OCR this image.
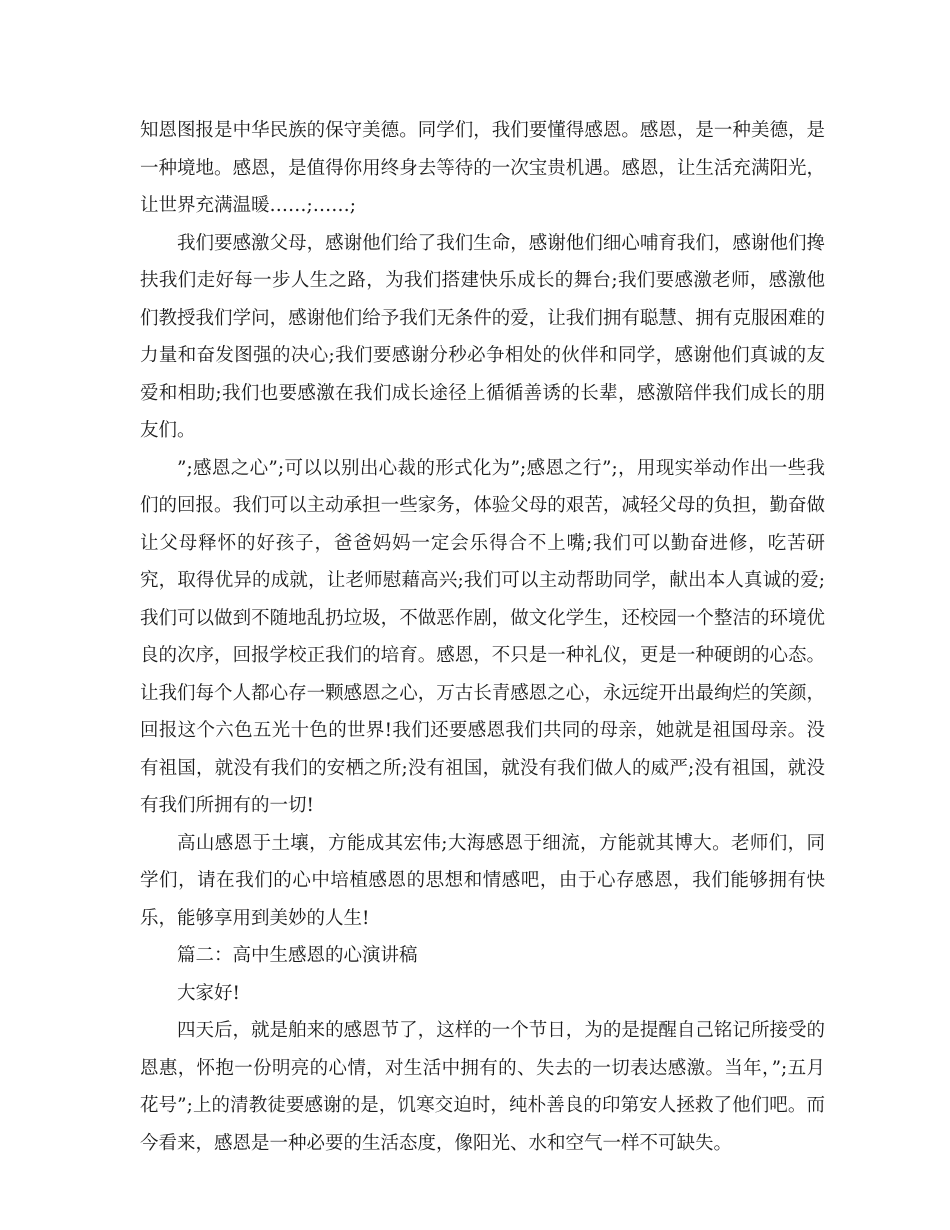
知恩图报是中华民族的保守美德。同学们，我们要懂得感恩。感恩，是一种美德，是一种境地。感恩，是值得你用终身去等待的一次宝贵机遇。感恩，让生活充满阳光，让世界充满温暖……;……;

我们要感激父母，感谢他们给了我们生命，感谢他们细心哺育我们，感谢他们搀扶我们走好每一步人生之路，为我们搭建快乐成长的舞台;我们要感激老师，感激他们教授我们学问，感谢他们给予我们无条件的爱，让我们拥有聪慧、拥有克服困难的力量和奋发图强的决心;我们要感谢分秒必争相处的伙伴和同学，感谢他们真诚的友爱和相助;我们也要感激在我们成长途径上循循善诱的长辈，感激陪伴我们成长的朋友们。

”;感恩之心”;可以以别出心裁的形式化为”;感恩之行”;，用现实举动作出一些我们的回报。我们可以主动承担一些家务，体验父母的艰苦，减轻父母的负担，勤奋做让父母释怀的好孩子，爸爸妈妈一定会乐得合不上嘴;我们可以勤奋进修，吃苦研究，取得优异的成就，让老师慰藉高兴;我们可以主动帮助同学，献出本人真诚的爱;我们可以做到不随地乱扔垃圾，不做恶作剧，做文化学生，还校园一个整洁的环境优良的次序，回报学校正我们的培育。感恩，不只是一种礼仪，更是一种硬朗的心态。让我们每个人都心存一颗感恩之心，万古长青感恩之心，永远绽开出最绚烂的笑颜，回报这个六色五光十色的世界!我们还要感恩我们共同的母亲，她就是祖国母亲。没有祖国，就没有我们的安栖之所;没有祖国，就没有我们做人的威严;没有祖国，就没有我们所拥有的一切!

高山感恩于土壤，方能成其宏伟;大海感恩于细流，方能就其博大。老师们，同学们，请在我们的心中培植感恩的思想和情感吧，由于心存感恩，我们能够拥有快乐，能够享用到美妙的人生!

篇二：高中生感恩的心演讲稿

大家好!

四天后，就是舶来的感恩节了，这样的一个节日，为的是提醒自己铭记所接受的恩惠，怀抱一份明亮的心情，对生活中拥有的、失去的一切表达感激。当年，”;五月花号”;上的清教徒要感谢的是，饥寒交迫时，纯朴善良的印第安人拯救了他们吧。而今看来，感恩是一种必要的生活态度，像阳光、水和空气一样不可缺失。
